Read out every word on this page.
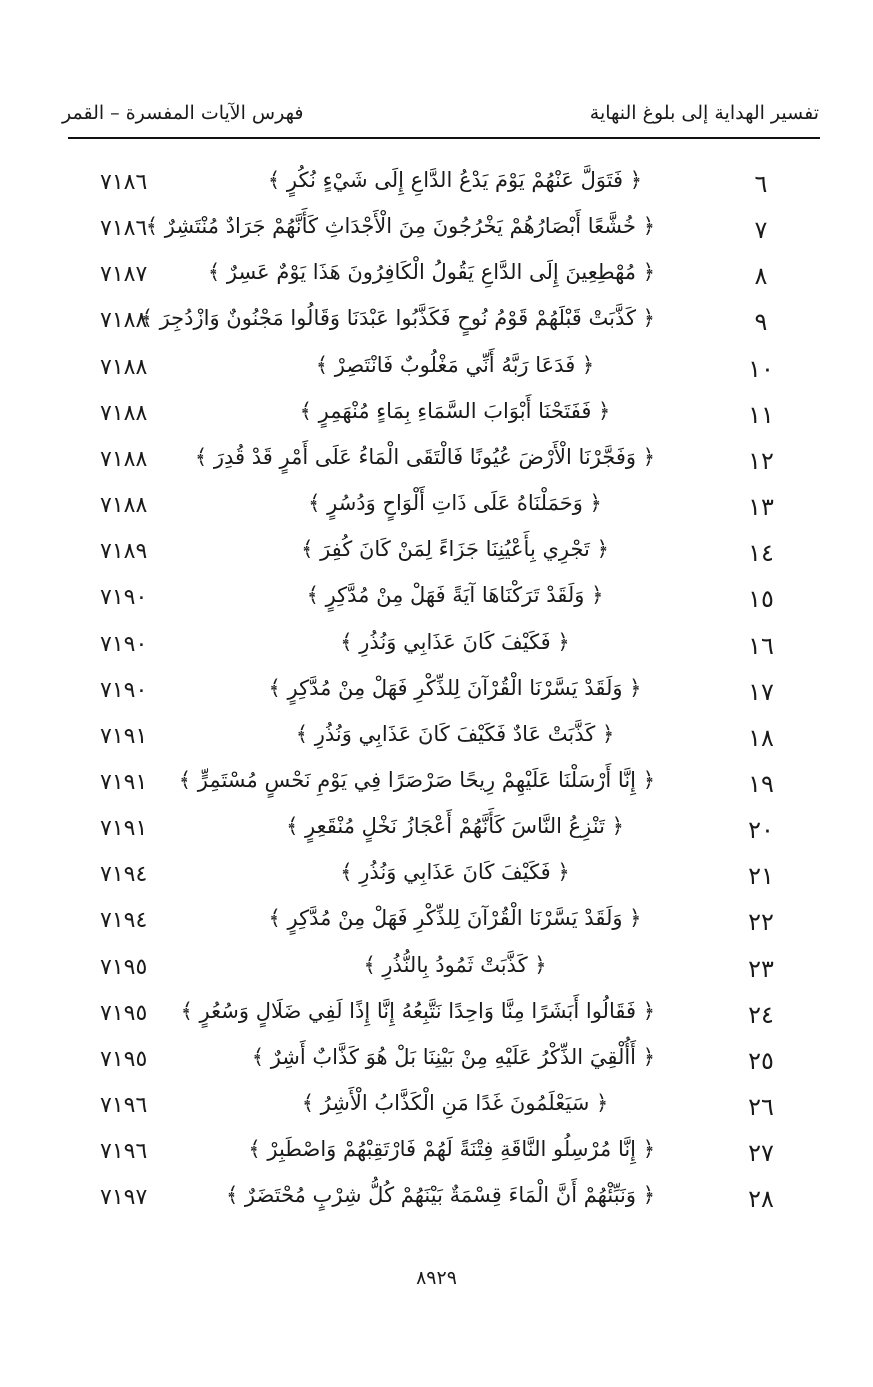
تفسير الهداية إلى بلوغ النهاية
فهرس الآيات المفسرة – القمر
٦
﴿ فَتَوَلَّ عَنْهُمْ يَوْمَ يَدْعُ الدَّاعِ إِلَى شَيْءٍ نُكُرٍ ﴾
٧١٨٦
٧
﴿ خُشَّعًا أَبْصَارُهُمْ يَخْرُجُونَ مِنَ الْأَجْدَاثِ كَأَنَّهُمْ جَرَادٌ مُنْتَشِرٌ ﴾
٧١٨٦
٨
﴿ مُهْطِعِينَ إِلَى الدَّاعِ يَقُولُ الْكَافِرُونَ هَذَا يَوْمٌ عَسِرٌ ﴾
٧١٨٧
٩
﴿ كَذَّبَتْ قَبْلَهُمْ قَوْمُ نُوحٍ فَكَذَّبُوا عَبْدَنَا وَقَالُوا مَجْنُونٌ وَازْدُجِرَ ﴾
٧١٨٨
١٠
﴿ فَدَعَا رَبَّهُ أَنِّي مَغْلُوبٌ فَانْتَصِرْ ﴾
٧١٨٨
١١
﴿ فَفَتَحْنَا أَبْوَابَ السَّمَاءِ بِمَاءٍ مُنْهَمِرٍ ﴾
٧١٨٨
١٢
﴿ وَفَجَّرْنَا الْأَرْضَ عُيُونًا فَالْتَقَى الْمَاءُ عَلَى أَمْرٍ قَدْ قُدِرَ ﴾
٧١٨٨
١٣
﴿ وَحَمَلْنَاهُ عَلَى ذَاتِ أَلْوَاحٍ وَدُسُرٍ ﴾
٧١٨٨
١٤
﴿ تَجْرِي بِأَعْيُنِنَا جَزَاءً لِمَنْ كَانَ كُفِرَ ﴾
٧١٨٩
١٥
﴿ وَلَقَدْ تَرَكْنَاهَا آيَةً فَهَلْ مِنْ مُدَّكِرٍ ﴾
٧١٩٠
١٦
﴿ فَكَيْفَ كَانَ عَذَابِي وَنُذُرِ ﴾
٧١٩٠
١٧
﴿ وَلَقَدْ يَسَّرْنَا الْقُرْآنَ لِلذِّكْرِ فَهَلْ مِنْ مُدَّكِرٍ ﴾
٧١٩٠
١٨
﴿ كَذَّبَتْ عَادٌ فَكَيْفَ كَانَ عَذَابِي وَنُذُرِ ﴾
٧١٩١
١٩
﴿ إِنَّا أَرْسَلْنَا عَلَيْهِمْ رِيحًا صَرْصَرًا فِي يَوْمِ نَحْسٍ مُسْتَمِرٍّ ﴾
٧١٩١
٢٠
﴿ تَنْزِعُ النَّاسَ كَأَنَّهُمْ أَعْجَازُ نَخْلٍ مُنْقَعِرٍ ﴾
٧١٩١
٢١
﴿ فَكَيْفَ كَانَ عَذَابِي وَنُذُرِ ﴾
٧١٩٤
٢٢
﴿ وَلَقَدْ يَسَّرْنَا الْقُرْآنَ لِلذِّكْرِ فَهَلْ مِنْ مُدَّكِرٍ ﴾
٧١٩٤
٢٣
﴿ كَذَّبَتْ ثَمُودُ بِالنُّذُرِ ﴾
٧١٩٥
٢٤
﴿ فَقَالُوا أَبَشَرًا مِنَّا وَاحِدًا نَتَّبِعُهُ إِنَّا إِذًا لَفِي ضَلَالٍ وَسُعُرٍ ﴾
٧١٩٥
٢٥
﴿ أَأُلْقِيَ الذِّكْرُ عَلَيْهِ مِنْ بَيْنِنَا بَلْ هُوَ كَذَّابٌ أَشِرٌ ﴾
٧١٩٥
٢٦
﴿ سَيَعْلَمُونَ غَدًا مَنِ الْكَذَّابُ الْأَشِرُ ﴾
٧١٩٦
٢٧
﴿ إِنَّا مُرْسِلُو النَّاقَةِ فِتْنَةً لَهُمْ فَارْتَقِبْهُمْ وَاصْطَبِرْ ﴾
٧١٩٦
٢٨
﴿ وَنَبِّئْهُمْ أَنَّ الْمَاءَ قِسْمَةٌ بَيْنَهُمْ كُلُّ شِرْبٍ مُحْتَضَرٌ ﴾
٧١٩٧
٨٩٢٩
